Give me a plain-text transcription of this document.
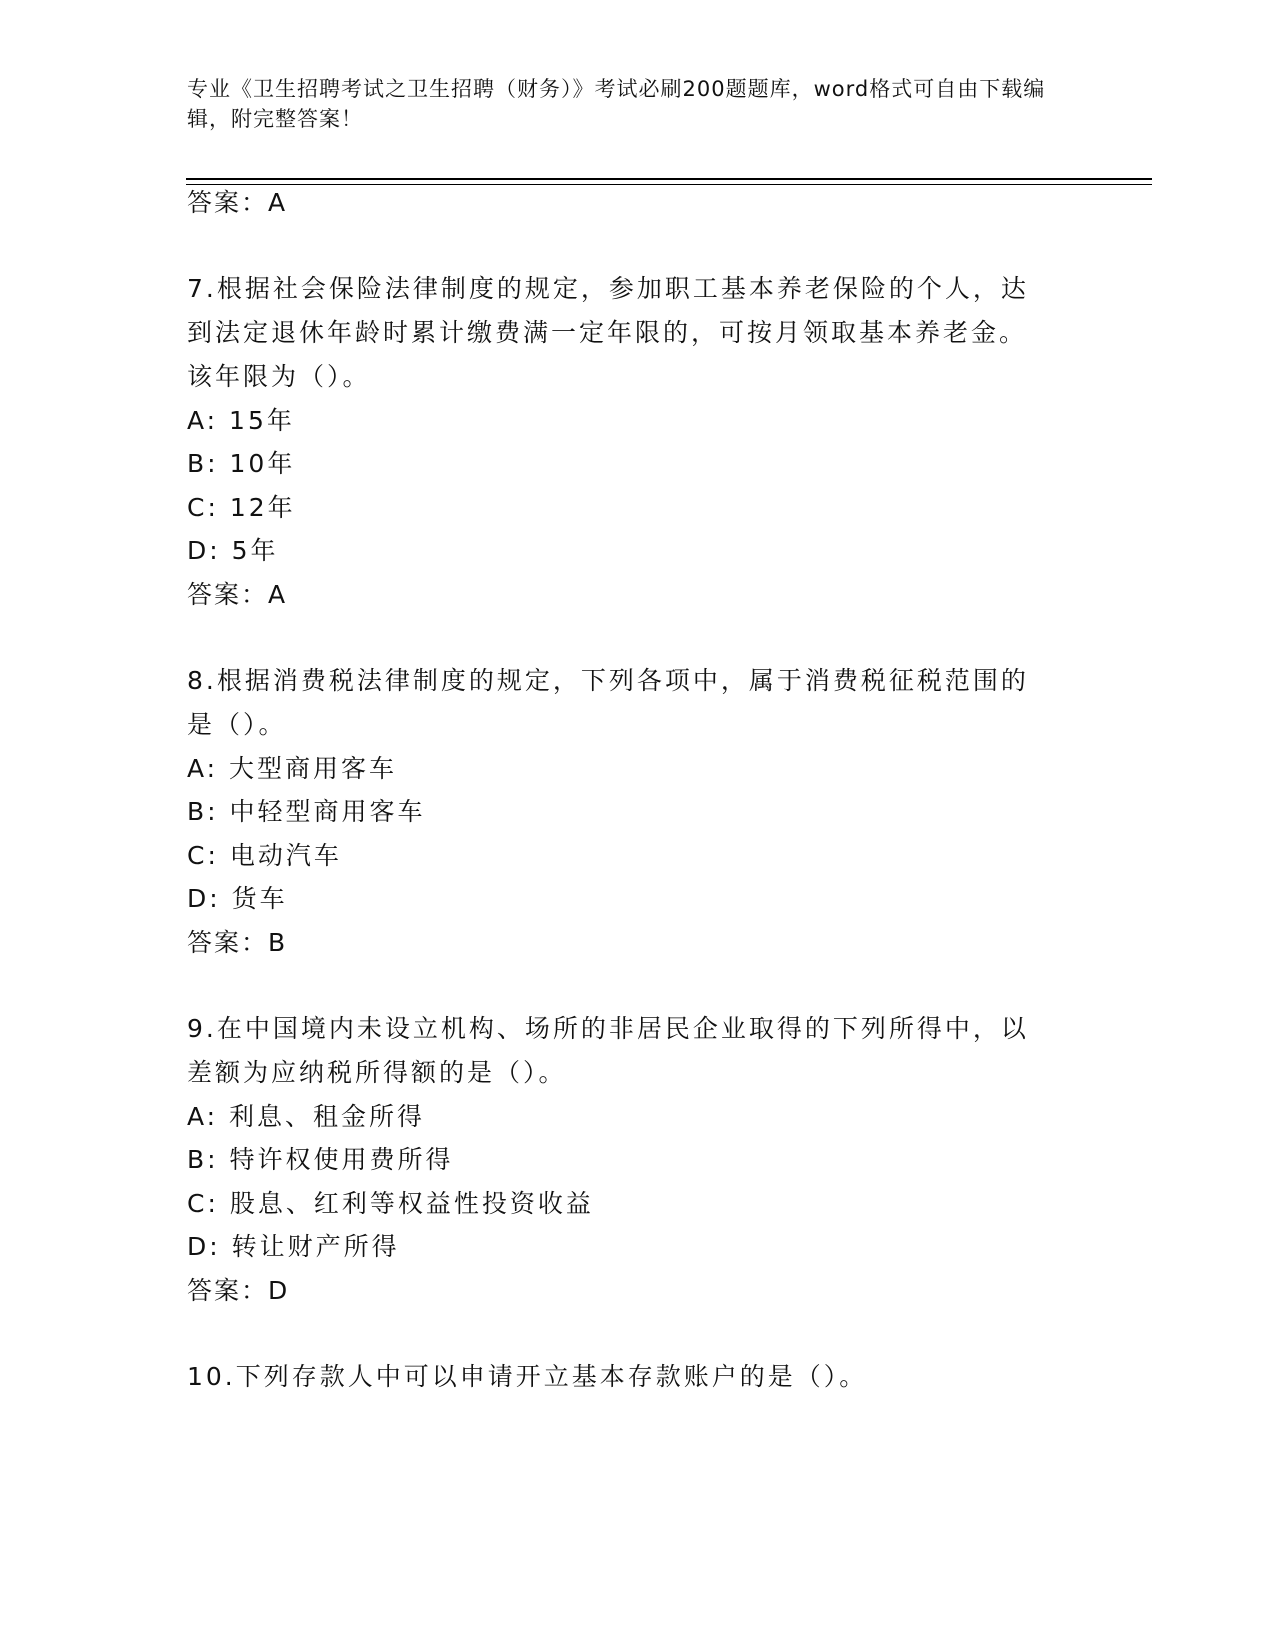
专业《卫生招聘考试之卫生招聘（财务）》考试必刷200题题库，word格式可自由下载编辑，附完整答案！
答案：A
7.根据社会保险法律制度的规定，参加职工基本养老保险的个人，达
到法定退休年龄时累计缴费满一定年限的，可按月领取基本养老金。
该年限为（）。
A: 15年
B: 10年
C: 12年
D: 5年
答案：A
8.根据消费税法律制度的规定，下列各项中，属于消费税征税范围的
是（）。
A: 大型商用客车
B: 中轻型商用客车
C: 电动汽车
D: 货车
答案：B
9.在中国境内未设立机构、场所的非居民企业取得的下列所得中，以
差额为应纳税所得额的是（）。
A: 利息、租金所得
B: 特许权使用费所得
C: 股息、红利等权益性投资收益
D: 转让财产所得
答案：D
10.下列存款人中可以申请开立基本存款账户的是（）。
